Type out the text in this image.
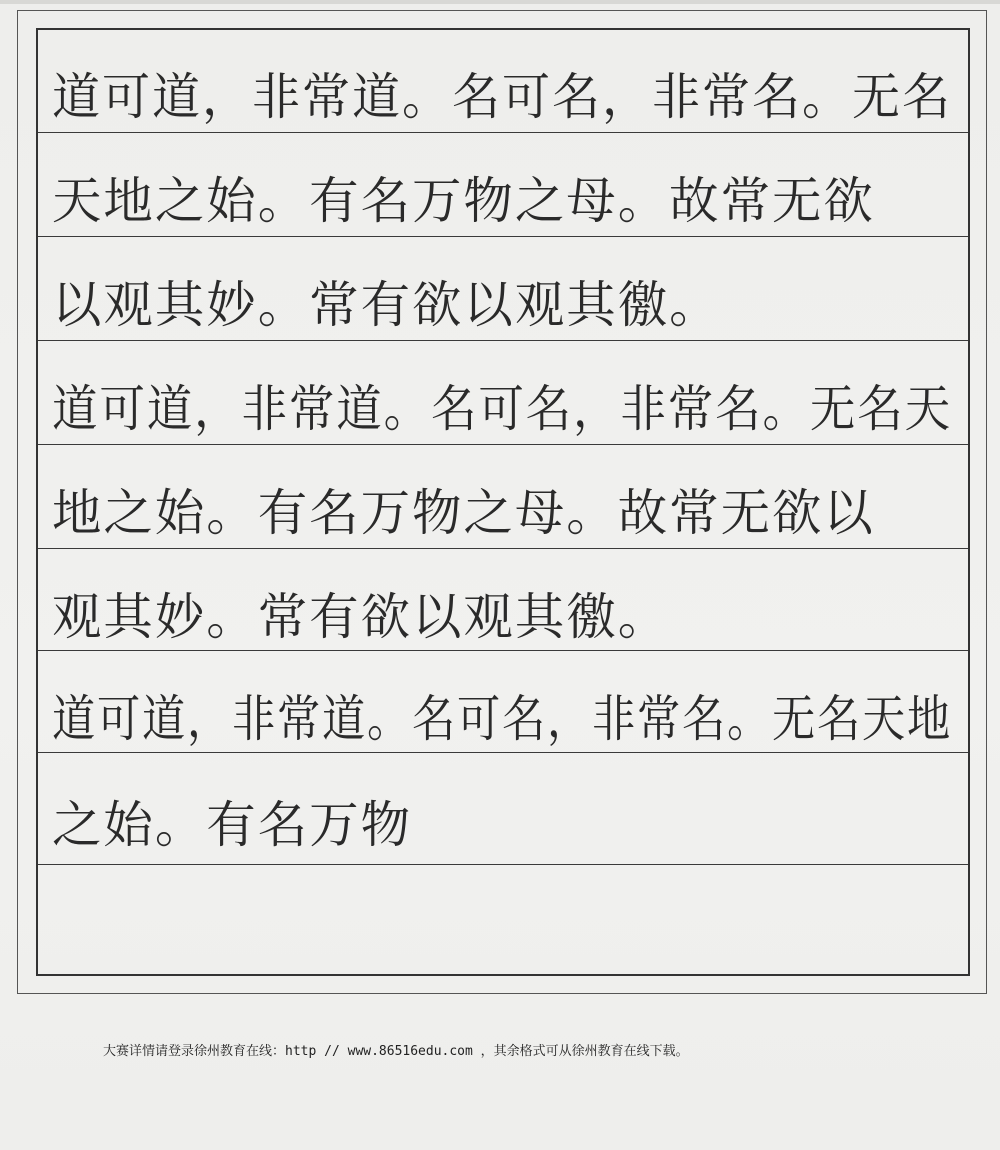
道可道，非常道。名可名，非常名。无名
天地之始。有名万物之母。故常无欲
以观其妙。常有欲以观其徼。
道可道，非常道。名可名，非常名。无名天
地之始。有名万物之母。故常无欲以
观其妙。常有欲以观其徼。
道可道，非常道。名可名，非常名。无名天地
之始。有名万物
大赛详情请登录徐州教育在线：http // www.86516edu.com ，其余格式可从徐州教育在线下载。
